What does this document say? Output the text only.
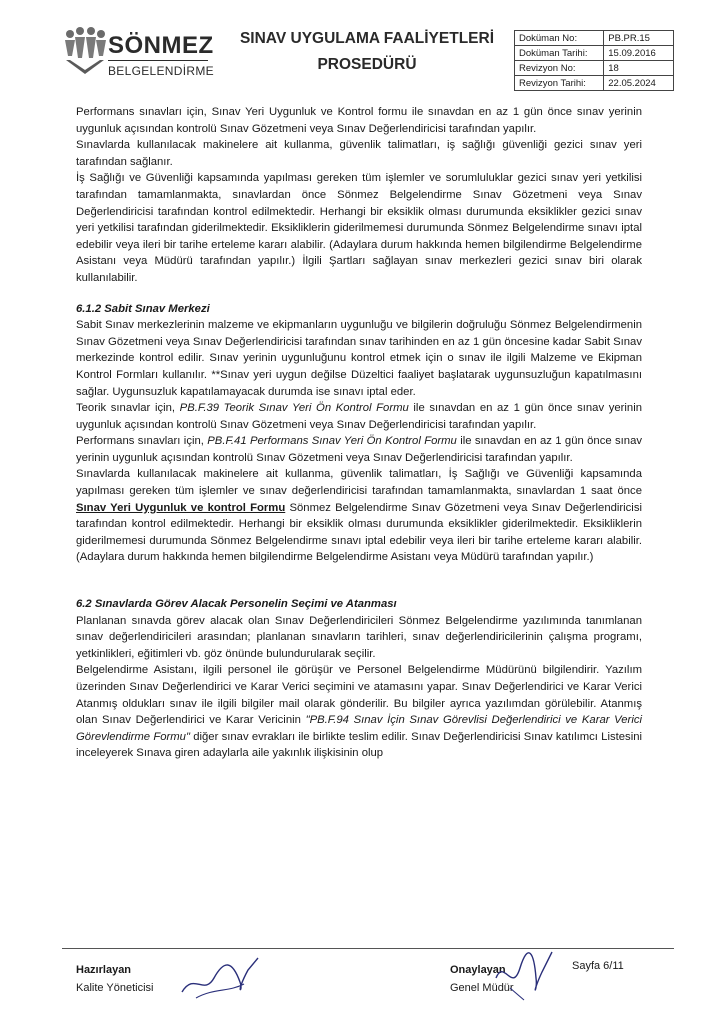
SÖNMEZ
BELGELENDİRME
SINAV UYGULAMA FAALİYETLERİ
PROSEDÜRÜ
Doküman No:	PB.PR.15
Doküman Tarihi:	15.09.2016
Revizyon No:	18
Revizyon Tarihi:	22.05.2024

Performans sınavları için, Sınav Yeri Uygunluk ve Kontrol formu ile sınavdan en az 1 gün önce sınav yerinin uygunluk açısından kontrolü Sınav Gözetmeni veya Sınav Değerlendiricisi tarafından yapılır.

Sınavlarda kullanılacak makinelere ait kullanma, güvenlik talimatları, iş sağlığı güvenliği gezici sınav yeri tarafından sağlanır.

İş Sağlığı ve Güvenliği kapsamında yapılması gereken tüm işlemler ve sorumluluklar gezici sınav yeri yetkilisi tarafından tamamlanmakta, sınavlardan önce Sönmez Belgelendirme Sınav Gözetmeni veya Sınav Değerlendiricisi tarafından kontrol edilmektedir. Herhangi bir eksiklik olması durumunda eksiklikler gezici sınav yeri yetkilisi tarafından giderilmektedir. Eksikliklerin giderilmemesi durumunda Sönmez Belgelendirme sınavı iptal edebilir veya ileri bir tarihe erteleme kararı alabilir. (Adaylara durum hakkında hemen bilgilendirme Belgelendirme Asistanı veya Müdürü tarafından yapılır.) İlgili Şartları sağlayan sınav merkezleri gezici sınav biri olarak kullanılabilir.

6.1.2 Sabit Sınav Merkezi

Sabit Sınav merkezlerinin malzeme ve ekipmanların uygunluğu ve bilgilerin doğruluğu Sönmez Belgelendirmenin Sınav Gözetmeni veya Sınav Değerlendiricisi tarafından sınav tarihinden en az 1 gün öncesine kadar Sabit Sınav merkezinde kontrol edilir. Sınav yerinin uygunluğunu kontrol etmek için o sınav ile ilgili Malzeme ve Ekipman Kontrol Formları kullanılır. **Sınav yeri uygun değilse Düzeltici faaliyet başlatarak uygunsuzluğun kapatılmasını sağlar. Uygunsuzluk kapatılamayacak durumda ise sınavı iptal eder.

Teorik sınavlar için, PB.F.39 Teorik Sınav Yeri Ön Kontrol Formu ile sınavdan en az 1 gün önce sınav yerinin uygunluk açısından kontrolü Sınav Gözetmeni veya Sınav Değerlendiricisi tarafından yapılır.

Performans sınavları için, PB.F.41 Performans Sınav Yeri Ön Kontrol Formu ile sınavdan en az 1 gün önce sınav yerinin uygunluk açısından kontrolü Sınav Gözetmeni veya Sınav Değerlendiricisi tarafından yapılır.

Sınavlarda kullanılacak makinelere ait kullanma, güvenlik talimatları, İş Sağlığı ve Güvenliği kapsamında yapılması gereken tüm işlemler ve sınav değerlendiricisi tarafından tamamlanmakta, sınavlardan 1 saat önce Sınav Yeri Uygunluk ve kontrol Formu Sönmez Belgelendirme Sınav Gözetmeni veya Sınav Değerlendiricisi tarafından kontrol edilmektedir. Herhangi bir eksiklik olması durumunda eksiklikler giderilmektedir. Eksikliklerin giderilmemesi durumunda Sönmez Belgelendirme sınavı iptal edebilir veya ileri bir tarihe erteleme kararı alabilir. (Adaylara durum hakkında hemen bilgilendirme Belgelendirme Asistanı veya Müdürü tarafından yapılır.)

6.2 Sınavlarda Görev Alacak Personelin Seçimi ve Atanması

Planlanan sınavda görev alacak olan Sınav Değerlendiricileri Sönmez Belgelendirme yazılımında tanımlanan sınav değerlendiricileri arasından; planlanan sınavların tarihleri, sınav değerlendiricilerinin çalışma programı, yetkinlikleri, eğitimleri vb. göz önünde bulundurularak seçilir.

Belgelendirme Asistanı, ilgili personel ile görüşür ve Personel Belgelendirme Müdürünü bilgilendirir. Yazılım üzerinden Sınav Değerlendirici ve Karar Verici seçimini ve atamasını yapar. Sınav Değerlendirici ve Karar Verici Atanmış oldukları sınav ile ilgili bilgiler mail olarak gönderilir. Bu bilgiler ayrıca yazılımdan görülebilir. Atanmış olan Sınav Değerlendirici ve Karar Vericinin "PB.F.94 Sınav İçin Sınav Görevlisi Değerlendirici ve Karar Verici Görevlendirme Formu" diğer sınav evrakları ile birlikte teslim edilir. Sınav Değerlendiricisi Sınav katılımcı Listesini inceleyerek Sınava giren adaylarla aile yakınlık ilişkisinin olup

Hazırlayan
Kalite Yöneticisi
Onaylayan
Genel Müdür
Sayfa 6/11
